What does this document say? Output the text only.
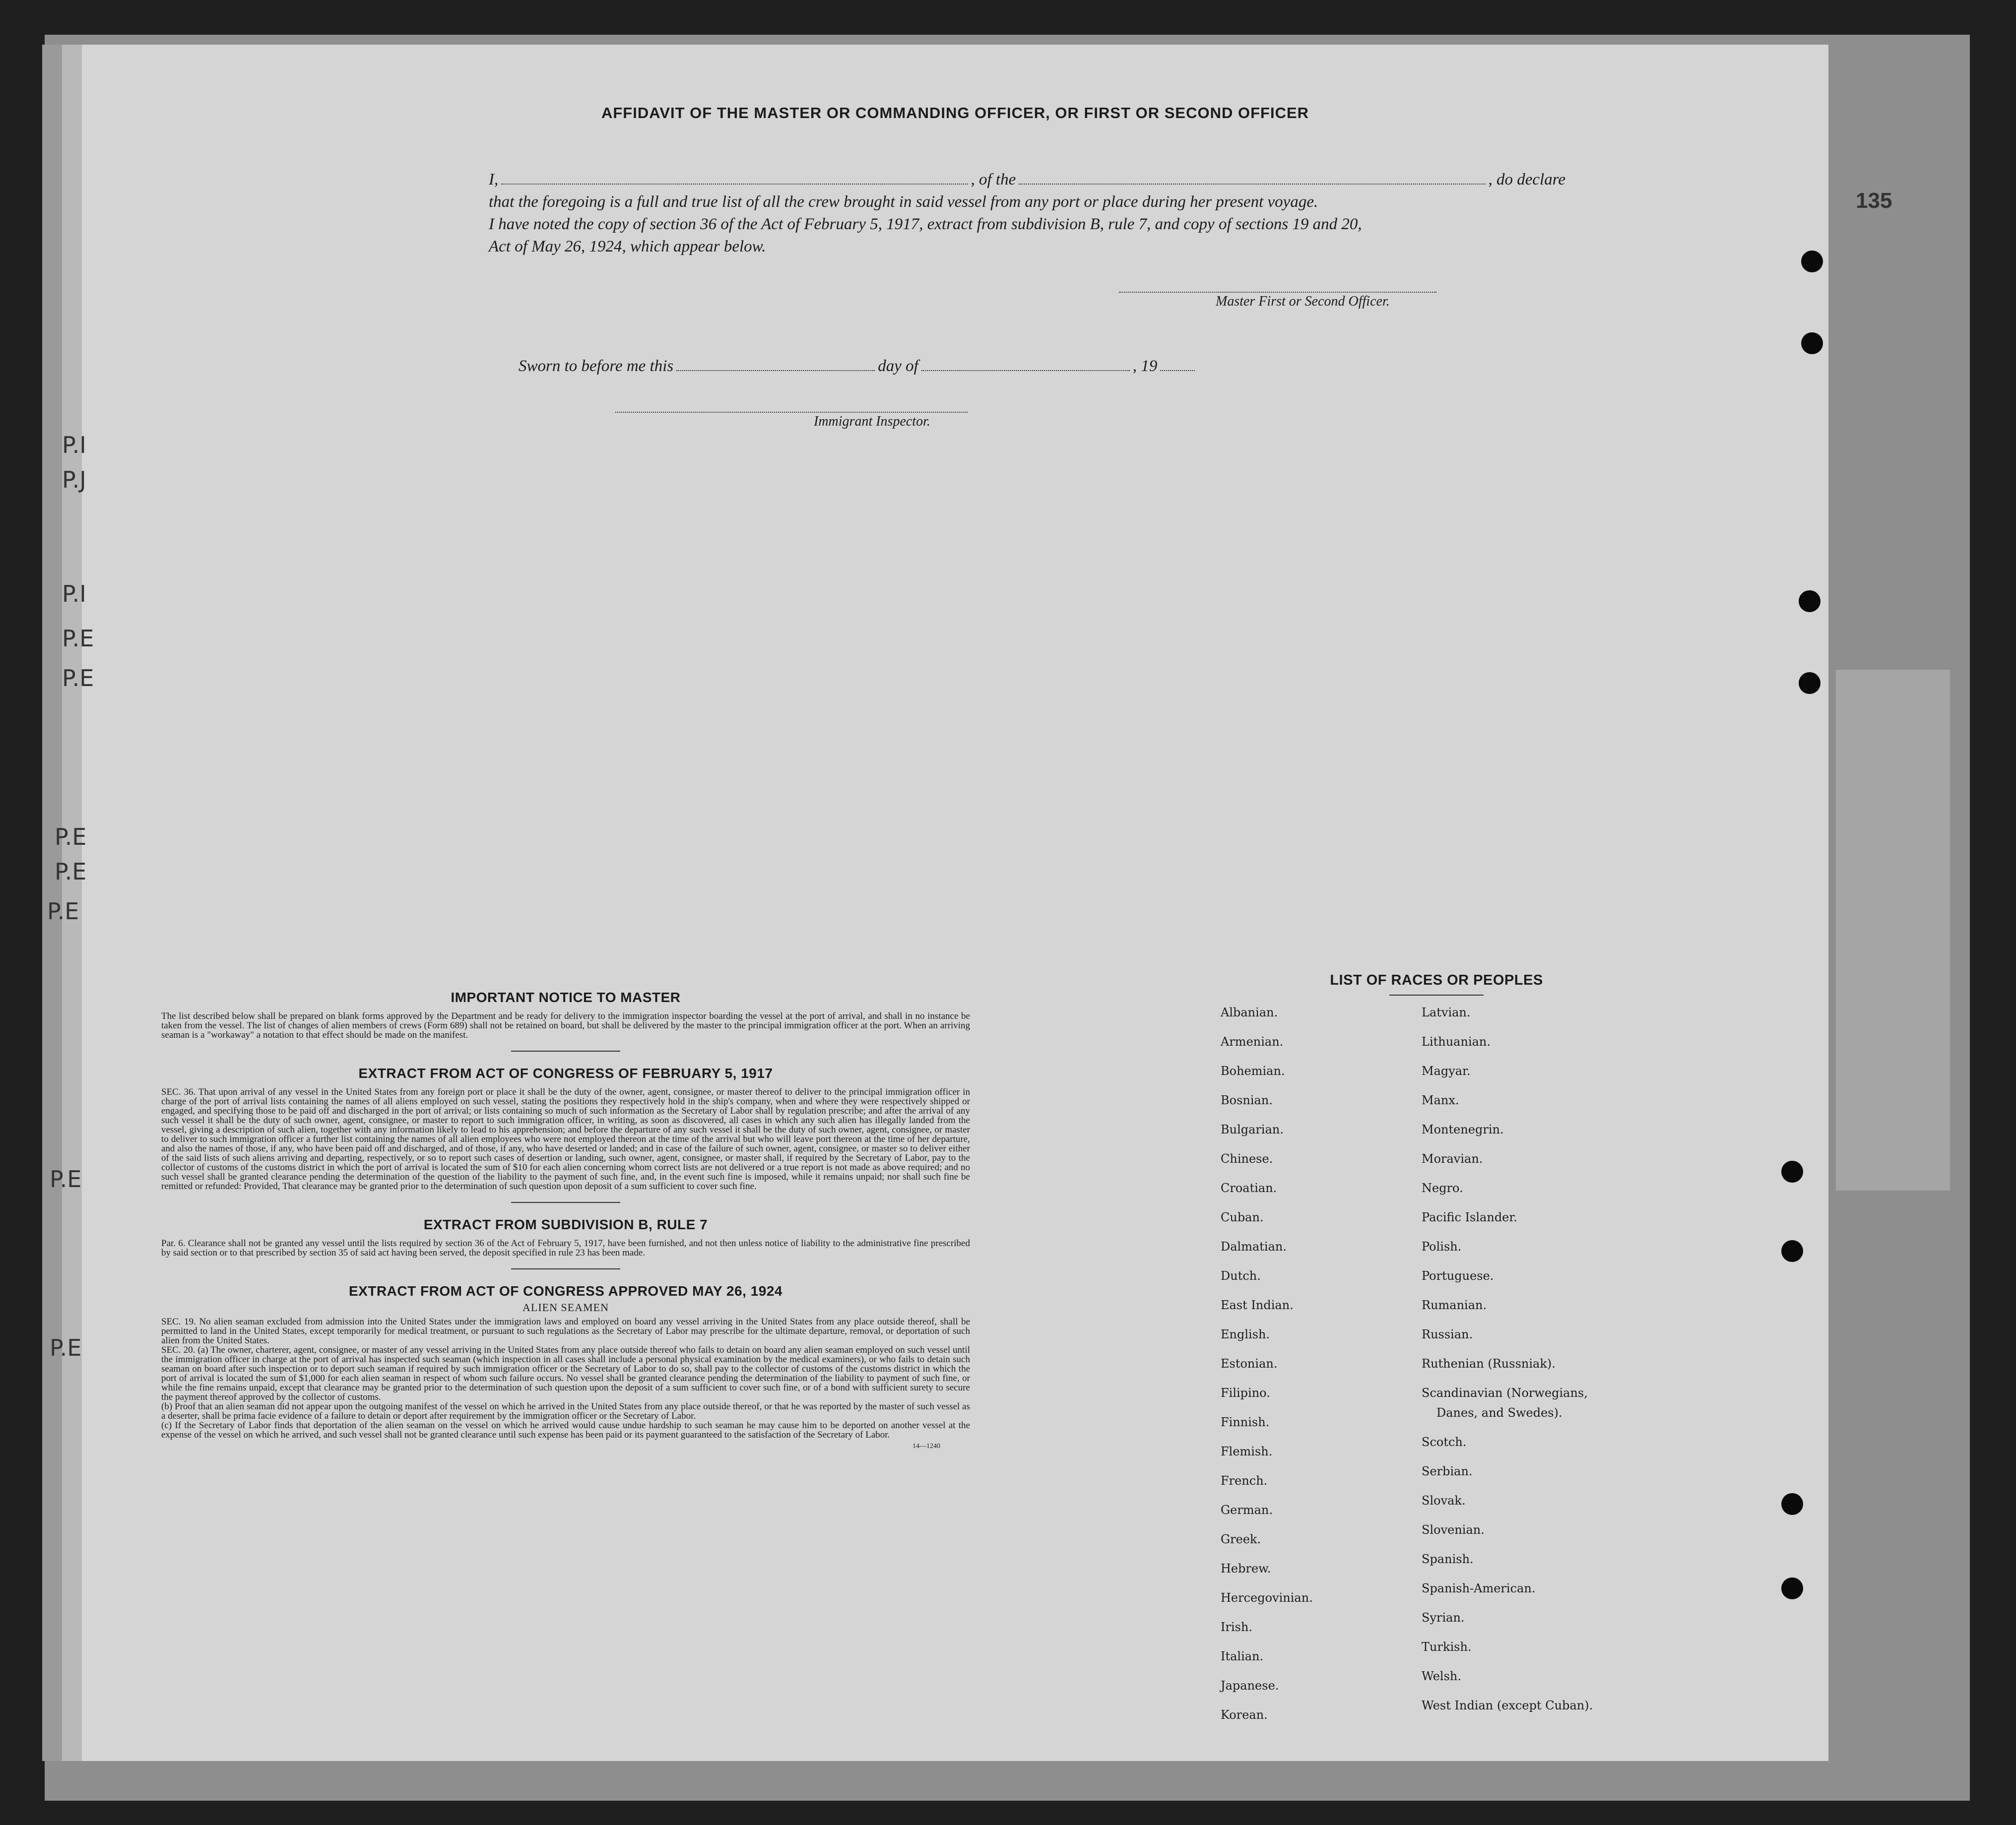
135
P.I
P.J
P.I
P.E
P.E
P.E
P.E
P.E
P.E
P.E
AFFIDAVIT OF THE MASTER OR COMMANDING OFFICER, OR FIRST OR SECOND OFFICER
I,	, of the	, do declare
that the foregoing is a full and true list of all the crew brought in said vessel from any port or place during her present voyage.
I have noted the copy of section 36 of the Act of February 5, 1917, extract from subdivision B, rule 7, and copy of sections 19 and 20,
Act of May 26, 1924, which appear below.
Master First or Second Officer.
Sworn to before me this	day of	, 19
Immigrant Inspector.
IMPORTANT NOTICE TO MASTER

The list described below shall be prepared on blank forms approved by the Department and be ready for delivery to the immigration inspector boarding the vessel at the port of arrival, and shall in no instance be taken from the vessel. The list of changes of alien members of crews (Form 689) shall not be retained on board, but shall be delivered by the master to the principal immigration officer at the port. When an arriving seaman is a "workaway" a notation to that effect should be made on the manifest.

EXTRACT FROM ACT OF CONGRESS OF FEBRUARY 5, 1917

SEC. 36. That upon arrival of any vessel in the United States from any foreign port or place it shall be the duty of the owner, agent, consignee, or master thereof to deliver to the principal immigration officer in charge of the port of arrival lists containing the names of all aliens employed on such vessel, stating the positions they respectively hold in the ship's company, when and where they were respectively shipped or engaged, and specifying those to be paid off and discharged in the port of arrival; or lists containing so much of such information as the Secretary of Labor shall by regulation prescribe; and after the arrival of any such vessel it shall be the duty of such owner, agent, consignee, or master to report to such immigration officer, in writing, as soon as discovered, all cases in which any such alien has illegally landed from the vessel, giving a description of such alien, together with any information likely to lead to his apprehension; and before the departure of any such vessel it shall be the duty of such owner, agent, consignee, or master to deliver to such immigration officer a further list containing the names of all alien employees who were not employed thereon at the time of the arrival but who will leave port thereon at the time of her departure, and also the names of those, if any, who have been paid off and discharged, and of those, if any, who have deserted or landed; and in case of the failure of such owner, agent, consignee, or master so to deliver either of the said lists of such aliens arriving and departing, respectively, or so to report such cases of desertion or landing, such owner, agent, consignee, or master shall, if required by the Secretary of Labor, pay to the collector of customs of the customs district in which the port of arrival is located the sum of $10 for each alien concerning whom correct lists are not delivered or a true report is not made as above required; and no such vessel shall be granted clearance pending the determination of the question of the liability to the payment of such fine, and, in the event such fine is imposed, while it remains unpaid; nor shall such fine be remitted or refunded: Provided, That clearance may be granted prior to the determination of such question upon deposit of a sum sufficient to cover such fine.

EXTRACT FROM SUBDIVISION B, RULE 7

Par. 6. Clearance shall not be granted any vessel until the lists required by section 36 of the Act of February 5, 1917, have been furnished, and not then unless notice of liability to the administrative fine prescribed by said section or to that prescribed by section 35 of said act having been served, the deposit specified in rule 23 has been made.

EXTRACT FROM ACT OF CONGRESS APPROVED MAY 26, 1924
ALIEN SEAMEN

SEC. 19. No alien seaman excluded from admission into the United States under the immigration laws and employed on board any vessel arriving in the United States from any place outside thereof, shall be permitted to land in the United States, except temporarily for medical treatment, or pursuant to such regulations as the Secretary of Labor may prescribe for the ultimate departure, removal, or deportation of such alien from the United States.

SEC. 20. (a) The owner, charterer, agent, consignee, or master of any vessel arriving in the United States from any place outside thereof who fails to detain on board any alien seaman employed on such vessel until the immigration officer in charge at the port of arrival has inspected such seaman (which inspection in all cases shall include a personal physical examination by the medical examiners), or who fails to detain such seaman on board after such inspection or to deport such seaman if required by such immigration officer or the Secretary of Labor to do so, shall pay to the collector of customs of the customs district in which the port of arrival is located the sum of $1,000 for each alien seaman in respect of whom such failure occurs. No vessel shall be granted clearance pending the determination of the liability to payment of such fine, or while the fine remains unpaid, except that clearance may be granted prior to the determination of such question upon the deposit of a sum sufficient to cover such fine, or of a bond with sufficient surety to secure the payment thereof approved by the collector of customs.

(b) Proof that an alien seaman did not appear upon the outgoing manifest of the vessel on which he arrived in the United States from any place outside thereof, or that he was reported by the master of such vessel as a deserter, shall be prima facie evidence of a failure to detain or deport after requirement by the immigration officer or the Secretary of Labor.

(c) If the Secretary of Labor finds that deportation of the alien seaman on the vessel on which he arrived would cause undue hardship to such seaman he may cause him to be deported on another vessel at the expense of the vessel on which he arrived, and such vessel shall not be granted clearance until such expense has been paid or its payment guaranteed to the satisfaction of the Secretary of Labor.

14—1240
LIST OF RACES OR PEOPLES
Albanian.
Armenian.
Bohemian.
Bosnian.
Bulgarian.
Chinese.
Croatian.
Cuban.
Dalmatian.
Dutch.
East Indian.
English.
Estonian.
Filipino.
Finnish.
Flemish.
French.
German.
Greek.
Hebrew.
Hercegovinian.
Irish.
Italian.
Japanese.
Korean.
Latvian.
Lithuanian.
Magyar.
Manx.
Montenegrin.
Moravian.
Negro.
Pacific Islander.
Polish.
Portuguese.
Rumanian.
Russian.
Ruthenian (Russniak).
Scandinavian (Norwegians,
Danes, and Swedes).
Scotch.
Serbian.
Slovak.
Slovenian.
Spanish.
Spanish-American.
Syrian.
Turkish.
Welsh.
West Indian (except Cuban).
